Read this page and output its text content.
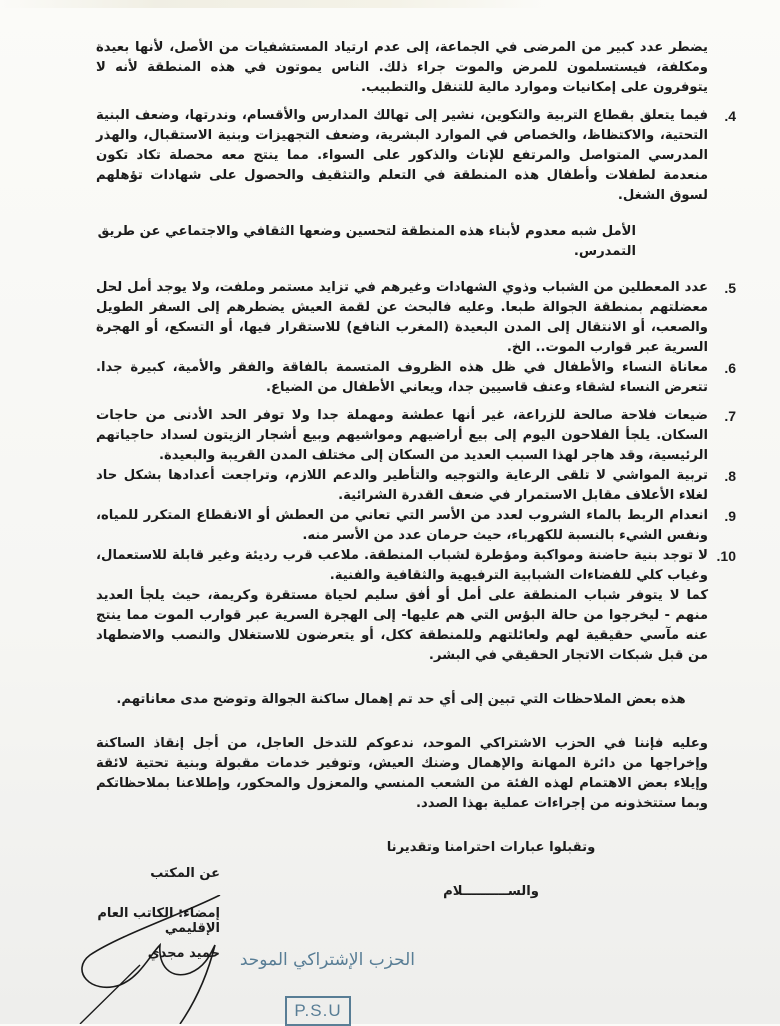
يضطر عدد كبير من المرضى في الجماعة، إلى عدم ارتياد المستشفيات من الأصل، لأنها بعيدة ومكلفة، فيستسلمون للمرض والموت جراء ذلك. الناس يموتون في هذه المنطقة لأنه لا يتوفرون على إمكانيات وموارد مالية للتنقل والتطبيب.

4.
فيما يتعلق بقطاع التربية والتكوين، نشير إلى تهالك المدارس والأقسام، وندرتها، وضعف البنية التحتية، والاكتظاظ، والخصاص في الموارد البشرية، وضعف التجهيزات وبنية الاستقبال، والهذر المدرسي المتواصل والمرتفع للإناث والذكور على السواء. مما ينتج معه محصلة تكاد تكون منعدمة لطفلات وأطفال هذه المنطقة في التعلم والتثقيف والحصول على شهادات تؤهلهم لسوق الشغل.

الأمل شبه معدوم لأبناء هذه المنطقة لتحسين وضعها الثقافي والاجتماعي عن طريق التمدرس.

5.
عدد المعطلين من الشباب وذوي الشهادات وغيرهم في تزايد مستمر وملفت، ولا يوجد أمل لحل معضلتهم بمنطقة الجوالة طبعا. وعليه فالبحث عن لقمة العيش يضطرهم إلى السفر الطويل والصعب، أو الانتقال إلى المدن البعيدة (المغرب النافع) للاستقرار فيها، أو التسكع، أو الهجرة السرية عبر قوارب الموت.. الخ.
6.
معاناة النساء والأطفال في ظل هذه الظروف المتسمة بالفاقة والفقر والأمية، كبيرة جدا. تتعرض النساء لشقاء وعنف قاسيين جدا، ويعاني الأطفال من الضياع.
7.
ضيعات فلاحة صالحة للزراعة، غير أنها عطشة ومهملة جدا ولا توفر الحد الأدنى من حاجات السكان. يلجأ الفلاحون اليوم إلى بيع أراضيهم ومواشيهم وبيع أشجار الزيتون لسداد حاجياتهم الرئيسية، وقد هاجر لهذا السبب العديد من السكان إلى مختلف المدن القريبة والبعيدة.
8.
تربية المواشي لا تلقى الرعاية والتوجيه والتأطير والدعم اللازم، وتراجعت أعدادها بشكل حاد لغلاء الأعلاف مقابل الاستمرار في ضعف القدرة الشرائية.
9.
انعدام الربط بالماء الشروب لعدد من الأسر التي تعاني من العطش أو الانقطاع المتكرر للمياه، ونفس الشيء بالنسبة للكهرباء، حيث حرمان عدد من الأسر منه.
10.
لا توجد بنية حاضنة ومواكبة ومؤطرة لشباب المنطقة. ملاعب قرب رديئة وغير قابلة للاستعمال، وغياب كلي للفضاءات الشبابية الترفيهية والثقافية والفنية.

كما لا يتوفر شباب المنطقة على أمل أو أفق سليم لحياة مستقرة وكريمة، حيث يلجأ العديد منهم - ليخرجوا من حالة البؤس التي هم عليها- إلى الهجرة السرية عبر قوارب الموت مما ينتج عنه مآسي حقيقية لهم ولعائلتهم وللمنطقة ككل، أو يتعرضون للاستغلال والنصب والاضطهاد من قبل شبكات الاتجار الحقيقي في البشر.

هذه بعض الملاحظات التي تبين إلى أي حد تم إهمال ساكنة الجوالة وتوضح مدى معاناتهم.

وعليه فإننا في الحزب الاشتراكي الموحد، ندعوكم للتدخل العاجل، من أجل إنقاذ الساكنة وإخراجها من دائرة المهانة والإهمال وضنك العيش، وتوفير خدمات مقبولة وبنية تحتية لائقة وإيلاء بعض الاهتمام لهذه الفئة من الشعب المنسي والمعزول والمحكور، وإطلاعنا بملاحظاتكم وبما ستتخذونه من إجراءات عملية بهذا الصدد.

وتقبلوا عبارات احترامنا وتقديرنا

والســــــــــلام

عن المكتب
إمضاء: الكاتب العام الإقليمي
حميد مجدي الحزب الإشتراكي الموحد
P.S.U
